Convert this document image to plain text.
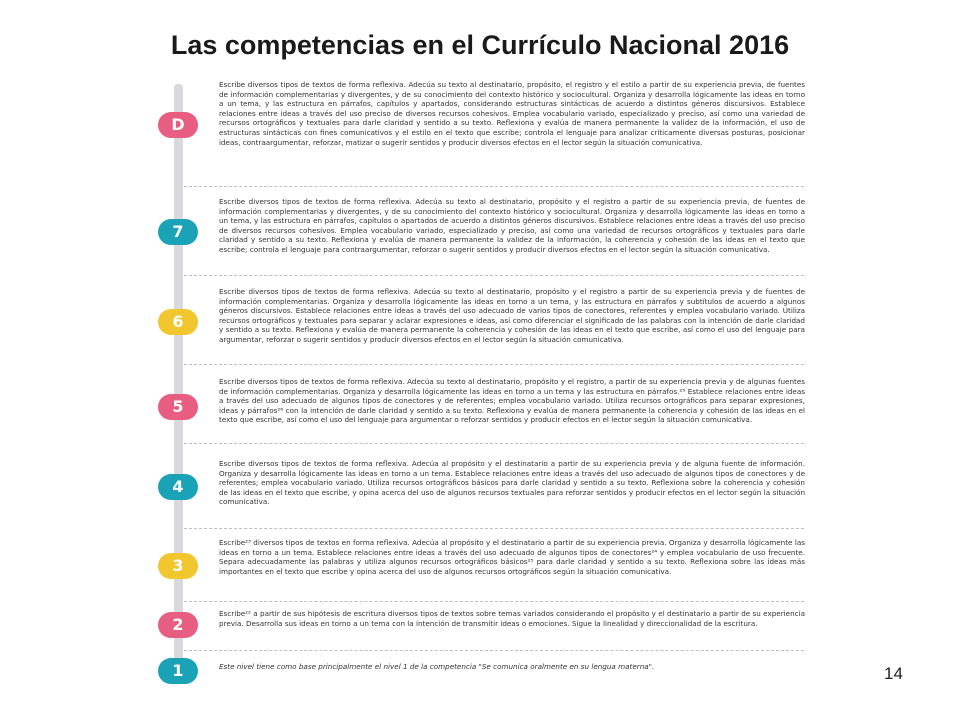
Las competencias en el Currículo Nacional 2016
D

Escribe diversos tipos de textos de forma reflexiva. Adecúa su texto al destinatario, propósito, el registro y el estilo a partir de su experiencia previa, de fuentes de información complementarias y divergentes, y de su conocimiento del contexto histórico y sociocultural. Organiza y desarrolla lógicamente las ideas en torno a un tema, y las estructura en párrafos, capítulos y apartados, considerando estructuras sintácticas de acuerdo a distintos géneros discursivos. Establece relaciones entre ideas a través del uso preciso de diversos recursos cohesivos. Emplea vocabulario variado, especializado y preciso, así como una variedad de recursos ortográficos y textuales para darle claridad y sentido a su texto. Reflexiona y evalúa de manera permanente la validez de la información, el uso de estructuras sintácticas con fines comunicativos y el estilo en el texto que escribe; controla el lenguaje para analizar críticamente diversas posturas, posicionar ideas, contraargumentar, reforzar, matizar o sugerir sentidos y producir diversos efectos en el lector según la situación comunicativa.

7

Escribe diversos tipos de textos de forma reflexiva. Adecúa su texto al destinatario, propósito y el registro a partir de su experiencia previa, de fuentes de información complementarias y divergentes, y de su conocimiento del contexto histórico y sociocultural. Organiza y desarrolla lógicamente las ideas en torno a un tema, y las estructura en párrafos, capítulos o apartados de acuerdo a distintos géneros discursivos. Establece relaciones entre ideas a través del uso preciso de diversos recursos cohesivos. Emplea vocabulario variado, especializado y preciso, así como una variedad de recursos ortográficos y textuales para darle claridad y sentido a su texto. Reflexiona y evalúa de manera permanente la validez de la información, la coherencia y cohesión de las ideas en el texto que escribe; controla el lenguaje para contraargumentar, reforzar o sugerir sentidos y producir diversos efectos en el lector según la situación comunicativa.

6

Escribe diversos tipos de textos de forma reflexiva. Adecúa su texto al destinatario, propósito y el registro a partir de su experiencia previa y de fuentes de información complementarias. Organiza y desarrolla lógicamente las ideas en torno a un tema, y las estructura en párrafos y subtítulos de acuerdo a algunos géneros discursivos. Establece relaciones entre ideas a través del uso adecuado de varios tipos de conectores, referentes y emplea vocabulario variado. Utiliza recursos ortográficos y textuales para separar y aclarar expresiones e ideas, así como diferenciar el significado de las palabras con la intención de darle claridad y sentido a su texto. Reflexiona y evalúa de manera permanente la coherencia y cohesión de las ideas en el texto que escribe, así como el uso del lenguaje para argumentar, reforzar o sugerir sentidos y producir diversos efectos en el lector según la situación comunicativa.

5

Escribe diversos tipos de textos de forma reflexiva. Adecúa su texto al destinatario, propósito y el registro, a partir de su experiencia previa y de algunas fuentes de información complementarias. Organiza y desarrolla lógicamente las ideas en torno a un tema y las estructura en párrafos.²⁵ Establece relaciones entre ideas a través del uso adecuado de algunos tipos de conectores y de referentes; emplea vocabulario variado. Utiliza recursos ortográficos para separar expresiones, ideas y párrafos²⁶ con la intención de darle claridad y sentido a su texto. Reflexiona y evalúa de manera permanente la coherencia y cohesión de las ideas en el texto que escribe, así como el uso del lenguaje para argumentar o reforzar sentidos y producir efectos en el lector según la situación comunicativa.

4

Escribe diversos tipos de textos de forma reflexiva. Adecúa al propósito y el destinatario a partir de su experiencia previa y de alguna fuente de información. Organiza y desarrolla lógicamente las ideas en torno a un tema. Establece relaciones entre ideas a través del uso adecuado de algunos tipos de conectores y de referentes; emplea vocabulario variado. Utiliza recursos ortográficos básicos para darle claridad y sentido a su texto. Reflexiona sobre la coherencia y cohesión de las ideas en el texto que escribe, y opina acerca del uso de algunos recursos textuales para reforzar sentidos y producir efectos en el lector según la situación comunicativa.

3

Escribe²³ diversos tipos de textos en forma reflexiva. Adecúa al propósito y el destinatario a partir de su experiencia previa. Organiza y desarrolla lógicamente las ideas en torno a un tema. Establece relaciones entre ideas a través del uso adecuado de algunos tipos de conectores²⁴ y emplea vocabulario de uso frecuente. Separa adecuadamente las palabras y utiliza algunos recursos ortográficos básicos²⁵ para darle claridad y sentido a su texto. Reflexiona sobre las ideas más importantes en el texto que escribe y opina acerca del uso de algunos recursos ortográficos según la situación comunicativa.

2

Escribe²² a partir de sus hipótesis de escritura diversos tipos de textos sobre temas variados considerando el propósito y el destinatario a partir de su experiencia previa. Desarrolla sus ideas en torno a un tema con la intención de transmitir ideas o emociones. Sigue la linealidad y direccionalidad de la escritura.

1	Este nivel tiene como base principalmente el nivel 1 de la competencia "Se comunica oralmente en su lengua materna".	14
